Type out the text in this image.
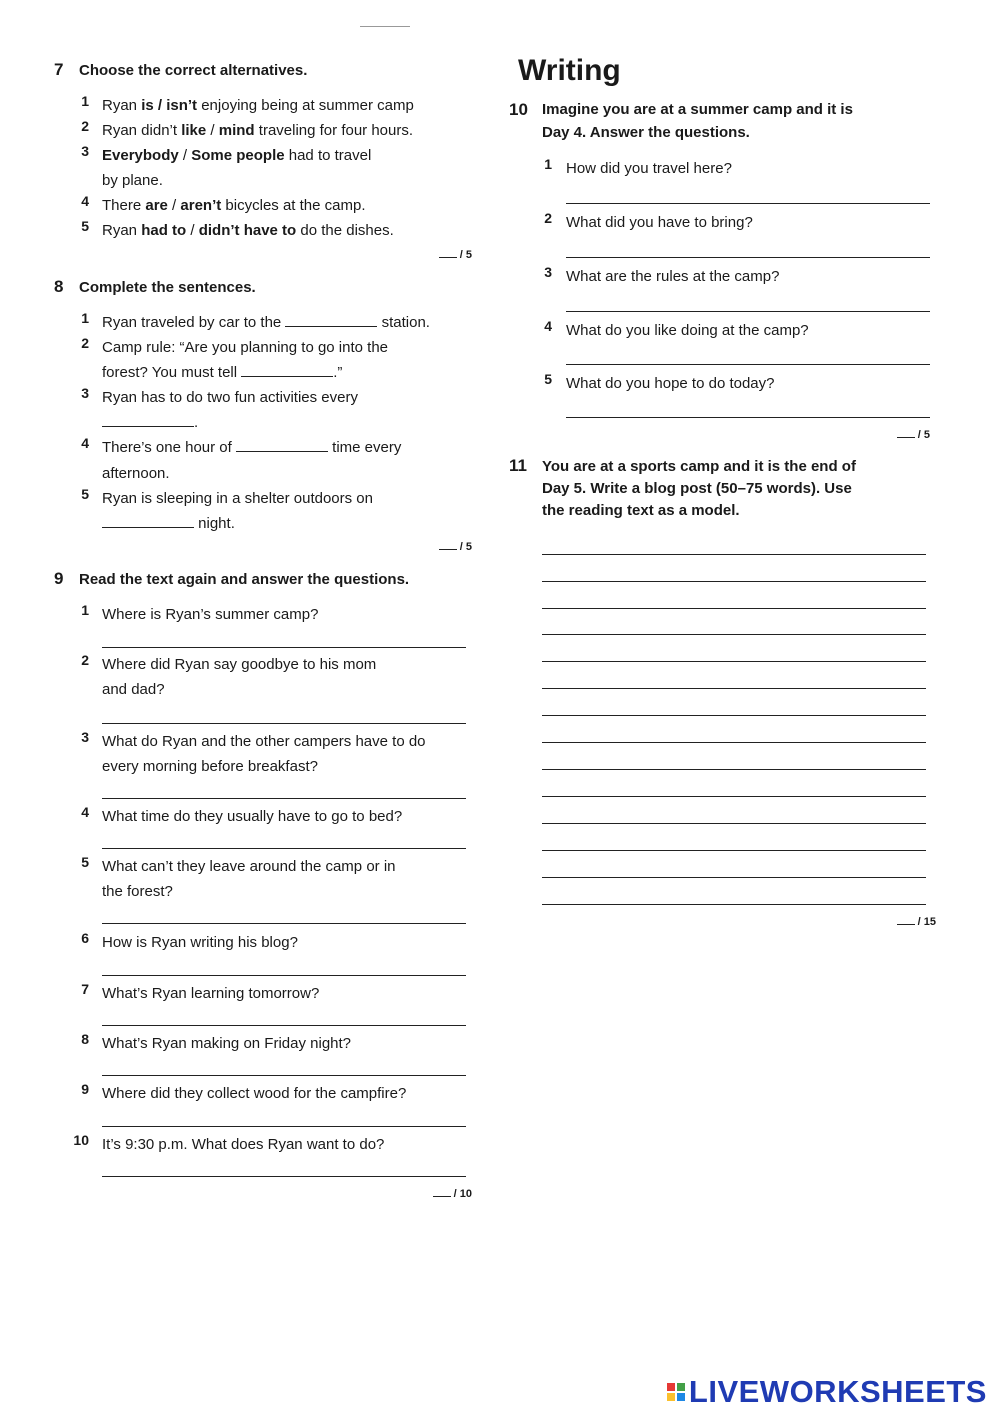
7 Choose the correct alternatives.
1 Ryan is / isn’t enjoying being at summer camp
2 Ryan didn’t like / mind traveling for four hours.
3 Everybody / Some people had to travel
by plane.
4 There are / aren’t bicycles at the camp.
5 Ryan had to / didn’t have to do the dishes.
/ 5
8 Complete the sentences.
1 Ryan traveled by car to the	station.
2 Camp rule: “Are you planning to go into the
forest? You must tell	.”
3 Ryan has to do two fun activities every
.
4 There’s one hour of	time every
afternoon.
5 Ryan is sleeping in a shelter outdoors on
night.
/ 5
9 Read the text again and answer the questions.
1 Where is Ryan’s summer camp?
2 Where did Ryan say goodbye to his mom
and dad?
3 What do Ryan and the other campers have to do
every morning before breakfast?
4 What time do they usually have to go to bed?
5 What can’t they leave around the camp or in
the forest?
6 How is Ryan writing his blog?
7 What’s Ryan learning tomorrow?
8 What’s Ryan making on Friday night?
9 Where did they collect wood for the campfire?
10 It’s 9:30 p.m. What does Ryan want to do?
/ 10
Writing
10 Imagine you are at a summer camp and it is
Day 4. Answer the questions.
1 How did you travel here?
2 What did you have to bring?
3 What are the rules at the camp?
4 What do you like doing at the camp?
5 What do you hope to do today?
/ 5
11 You are at a sports camp and it is the end of
Day 5. Write a blog post (50–75 words). Use
the reading text as a model.
/ 15
LIVEWORKSHEETS
